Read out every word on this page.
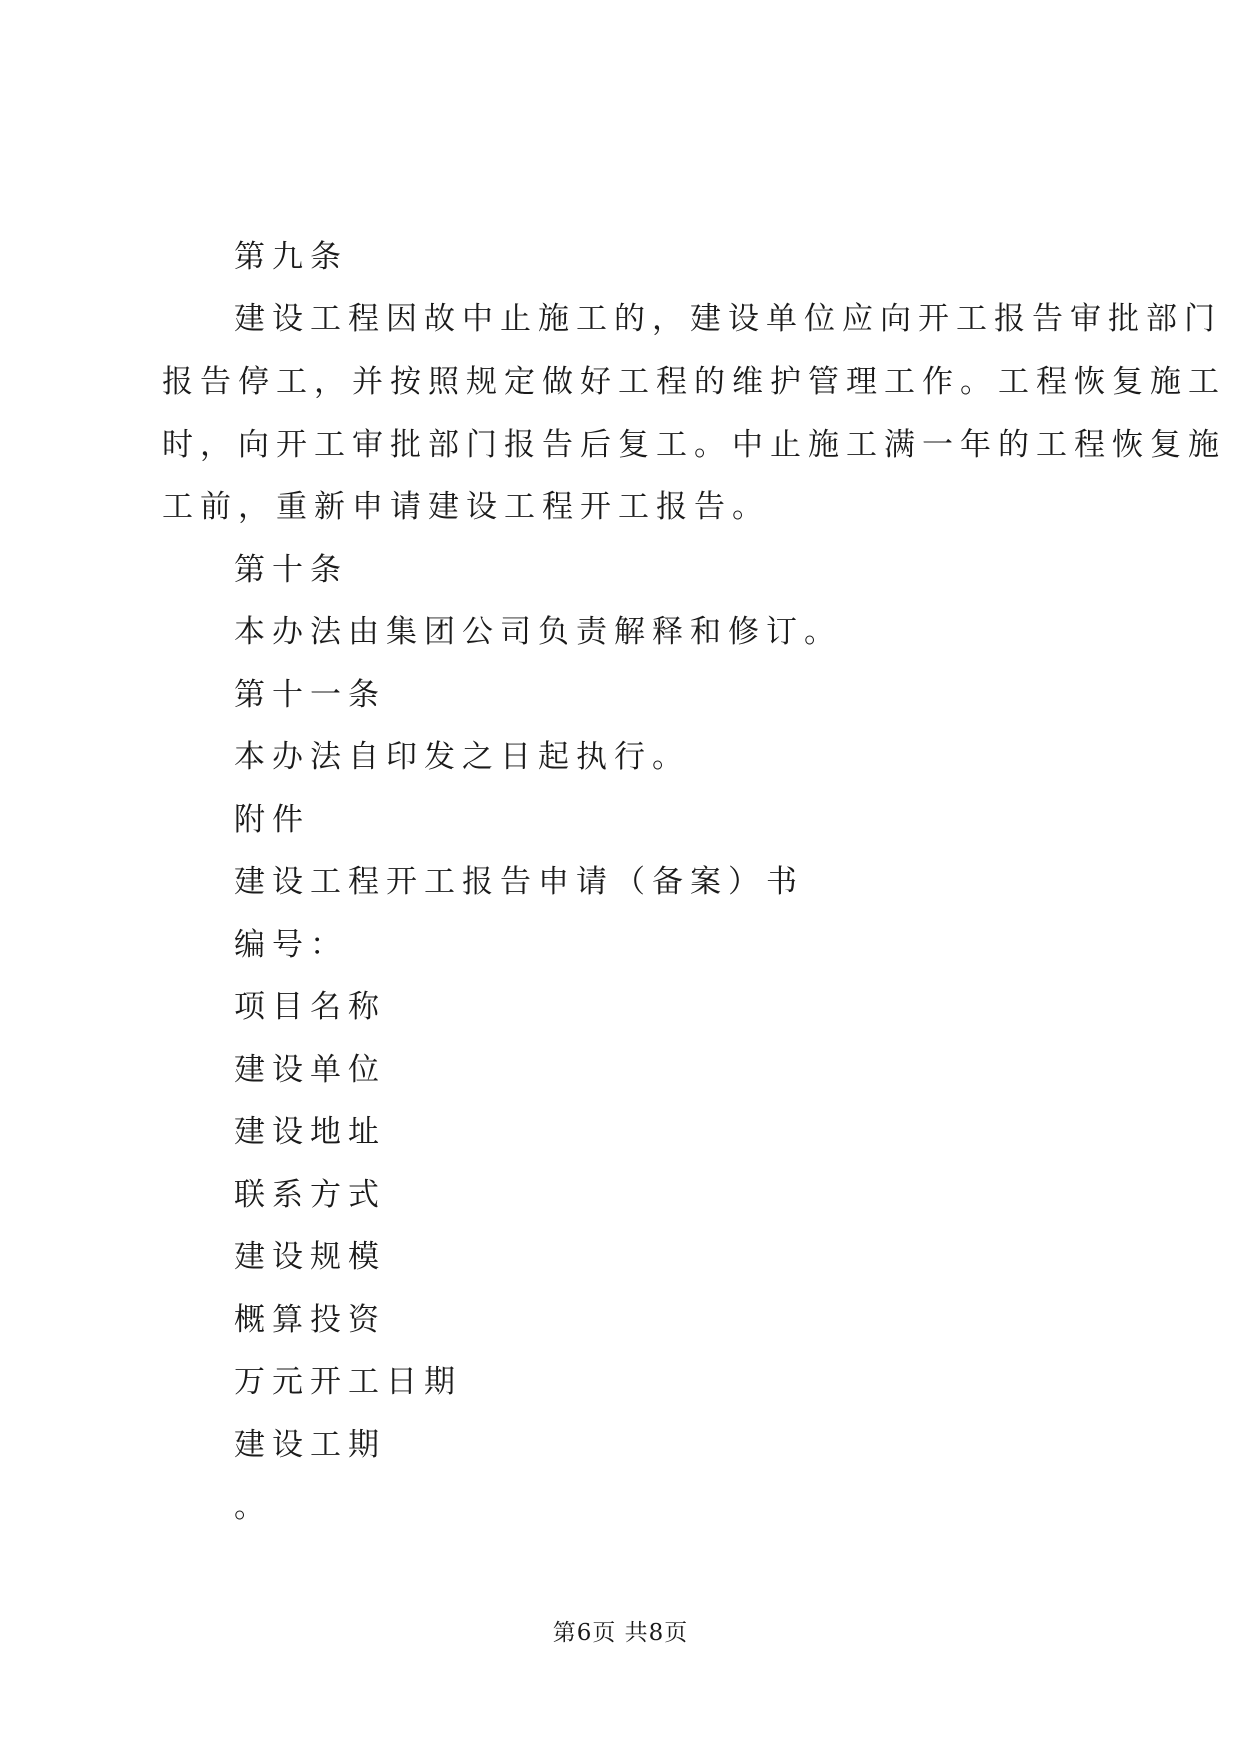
第九条
建设工程因故中止施工的，建设单位应向开工报告审批部门
报告停工，并按照规定做好工程的维护管理工作。工程恢复施工
时，向开工审批部门报告后复工。中止施工满一年的工程恢复施
工前，重新申请建设工程开工报告。
第十条
本办法由集团公司负责解释和修订。
第十一条
本办法自印发之日起执行。
附件
建设工程开工报告申请（备案）书
编号：
项目名称
建设单位
建设地址
联系方式
建设规模
概算投资
万元开工日期
建设工期
。
第6页 共8页
